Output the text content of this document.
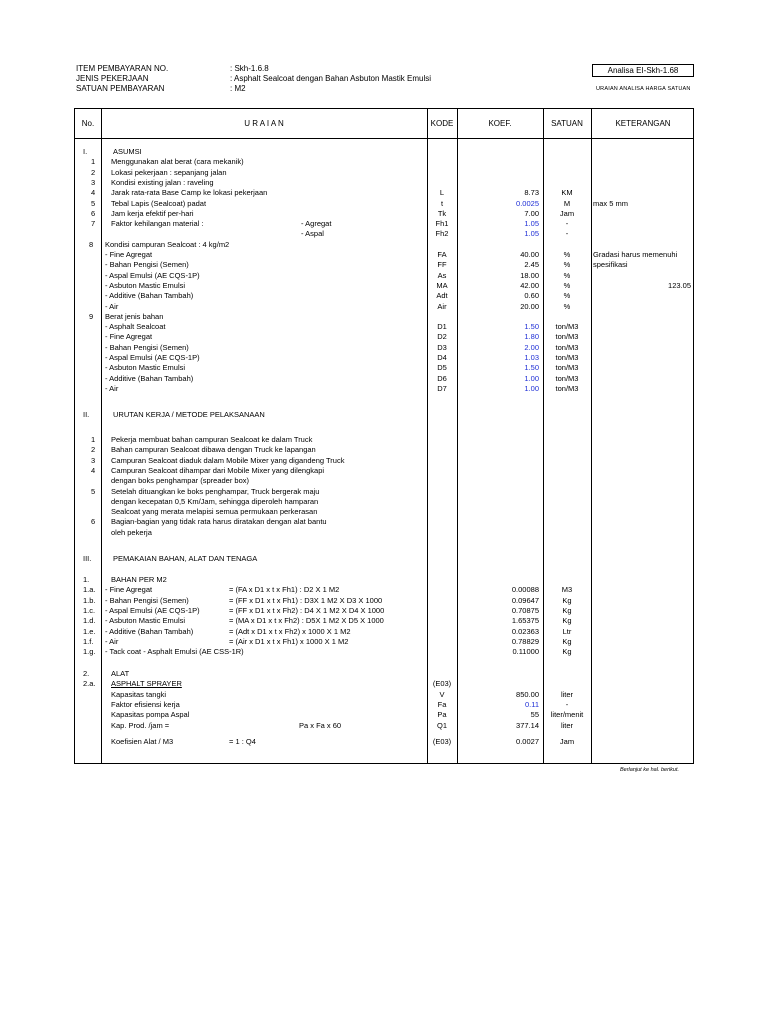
ITEM PEMBAYARAN NO.	: Skh-1.6.8
JENIS PEKERJAAN	: Asphalt Sealcoat dengan Bahan Asbuton Mastik Emulsi
SATUAN PEMBAYARAN	: M2
Analisa EI-Skh-1.68
URAIAN ANALISA HARGA SATUAN
No.	U R A I A N	KODE	KOEF.	SATUAN	KETERANGAN
I.	ASUMSI
1	Menggunakan alat berat (cara mekanik)
2	Lokasi pekerjaan : sepanjang jalan
3	Kondisi existing jalan : raveling
4	Jarak rata-rata Base Camp ke lokasi pekerjaan	L	8.73	KM
5	Tebal Lapis (Sealcoat) padat	t	0.0025	M	max 5 mm
6	Jam kerja efektif per-hari	Tk	7.00	Jam
7	Faktor kehilangan material :	- Agregat	Fh1	1.05	-
- Aspal	Fh2	1.05	-
8	Kondisi campuran Sealcoat : 4 kg/m2
- Fine Agregat	FA	40.00	%	Gradasi harus memenuhi
- Bahan Pengisi (Semen)	FF	2.45	%	spesifikasi
- Aspal Emulsi (AE CQS-1P)	As	18.00	%
- Asbuton Mastic Emulsi	MA	42.00	%	123.05
- Additive (Bahan Tambah)	Adt	0.60	%
- Air	Air	20.00	%
9	Berat jenis bahan
- Asphalt Sealcoat	D1	1.50	ton/M3
- Fine Agregat	D2	1.80	ton/M3
- Bahan Pengisi (Semen)	D3	2.00	ton/M3
- Aspal Emulsi (AE CQS-1P)	D4	1.03	ton/M3
- Asbuton Mastic Emulsi	D5	1.50	ton/M3
- Additive (Bahan Tambah)	D6	1.00	ton/M3
- Air	D7	1.00	ton/M3
II.	URUTAN KERJA / METODE PELAKSANAAN
1	Pekerja membuat bahan campuran Sealcoat ke dalam Truck
2	Bahan campuran Sealcoat dibawa dengan Truck ke lapangan
3	Campuran Sealcoat diaduk dalam Mobile Mixer yang digandeng Truck
4	Campuran Sealcoat dihampar dari Mobile Mixer yang dilengkapi
dengan boks penghampar (spreader box)
5	Setelah dituangkan ke boks penghampar, Truck bergerak maju
dengan kecepatan 0,5 Km/Jam, sehingga diperoleh hamparan
Sealcoat yang merata melapisi semua permukaan perkerasan
6	Bagian-bagian yang tidak rata harus diratakan dengan alat bantu
oleh pekerja
III.	PEMAKAIAN BAHAN, ALAT DAN TENAGA
1.	BAHAN PER M2
1.a.	- Fine Agregat	= (FA x D1 x t x Fh1) : D2 X 1 M2	0.00088	M3
1.b.	- Bahan Pengisi (Semen)	= (FF x D1 x t x Fh1) : D3X 1 M2 X D3 X 1000	0.09647	Kg
1.c.	- Aspal Emulsi (AE CQS-1P)	= (FF x D1 x t x Fh2) : D4 X 1 M2 X D4 X 1000	0.70875	Kg
1.d.	- Asbuton Mastic Emulsi	= (MA x D1 x t x Fh2) : D5X 1 M2 X D5 X 1000	1.65375	Kg
1.e.	- Additive (Bahan Tambah)	= (Adt x D1 x t x Fh2) x 1000 X 1 M2	0.02363	Ltr
1.f.	- Air	= (Air x D1 x t x Fh1) x 1000 X 1 M2	0.78829	Kg
1.g.	- Tack coat - Asphalt Emulsi (AE CSS-1R)	0.11000	Kg
2.	ALAT
2.a.	ASPHALT SPRAYER	(E03)
Kapasitas tangki	V	850.00	liter
Faktor efisiensi kerja	Fa	0.11	-
Kapasitas pompa Aspal	Pa	55	liter/menit
Kap. Prod. /jam =	Pa x Fa x 60	Q1	377.14	liter
Koefisien Alat / M3	= 1 : Q4	(E03)	0.0027	Jam
Berlanjut ke hal. berikut.
